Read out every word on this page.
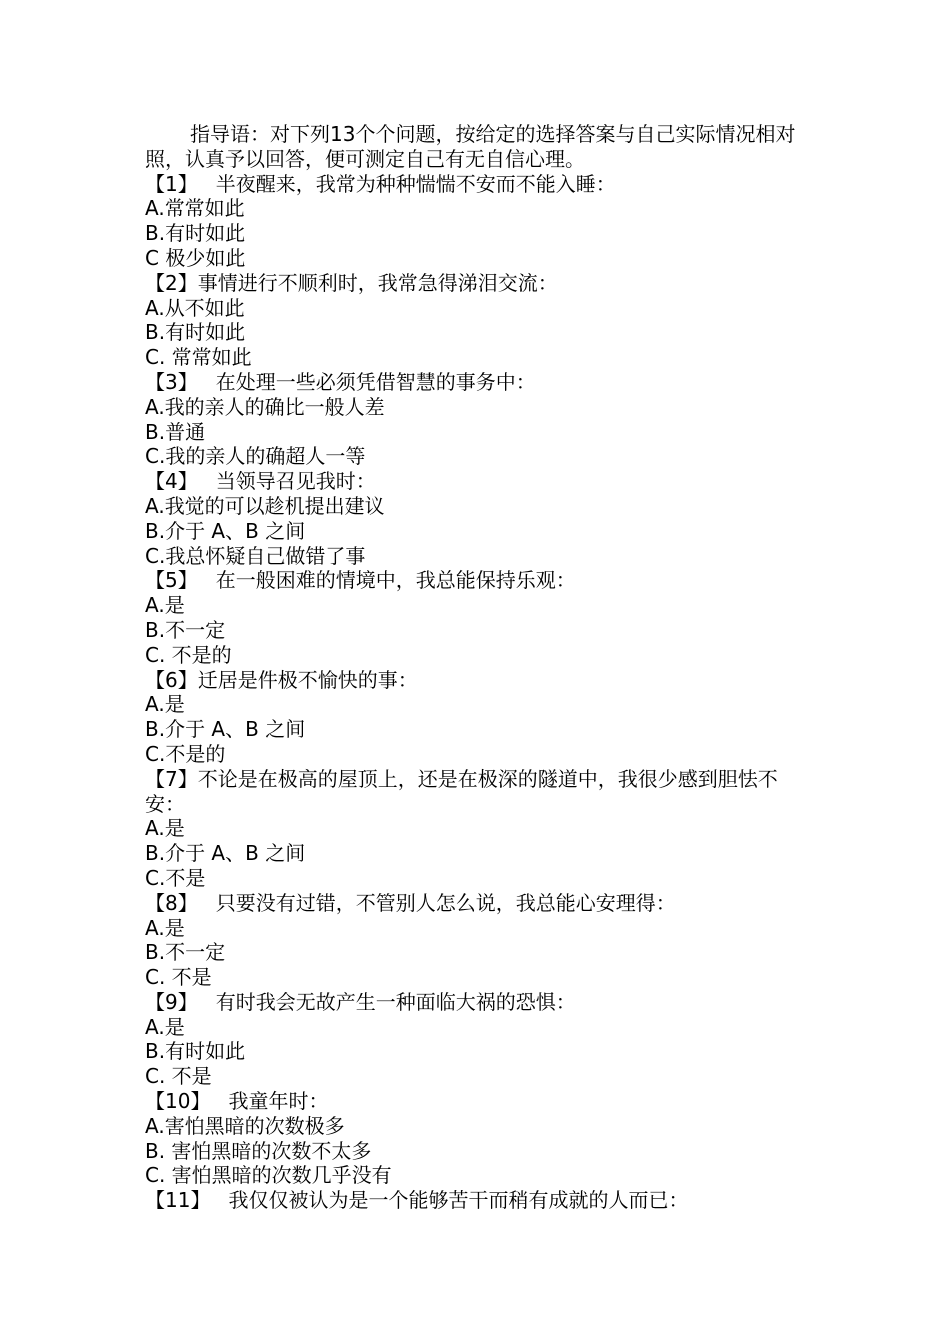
指导语：对下列13个个问题，按给定的选择答案与自己实际情况相对照，认真予以回答，便可测定自己有无自信心理。

【1】 半夜醒来，我常为种种惴惴不安而不能入睡：

A.常常如此

B.有时如此

C 极少如此

【2】事情进行不顺利时，我常急得涕泪交流：

A.从不如此

B.有时如此

C. 常常如此

【3】 在处理一些必须凭借智慧的事务中：

A.我的亲人的确比一般人差

B.普通

C.我的亲人的确超人一等

【4】 当领导召见我时：

A.我觉的可以趁机提出建议

B.介于 A、B 之间

C.我总怀疑自己做错了事

【5】 在一般困难的情境中，我总能保持乐观：

A.是

B.不一定

C. 不是的

【6】迁居是件极不愉快的事：

A.是

B.介于 A、B 之间

C.不是的

【7】不论是在极高的屋顶上，还是在极深的隧道中，我很少感到胆怯不安：

A.是

B.介于 A、B 之间

C.不是

【8】 只要没有过错，不管别人怎么说，我总能心安理得：

A.是

B.不一定

C. 不是

【9】 有时我会无故产生一种面临大祸的恐惧：

A.是

B.有时如此

C. 不是

【10】 我童年时：

A.害怕黑暗的次数极多

B. 害怕黑暗的次数不太多

C. 害怕黑暗的次数几乎没有

【11】 我仅仅被认为是一个能够苦干而稍有成就的人而已：
